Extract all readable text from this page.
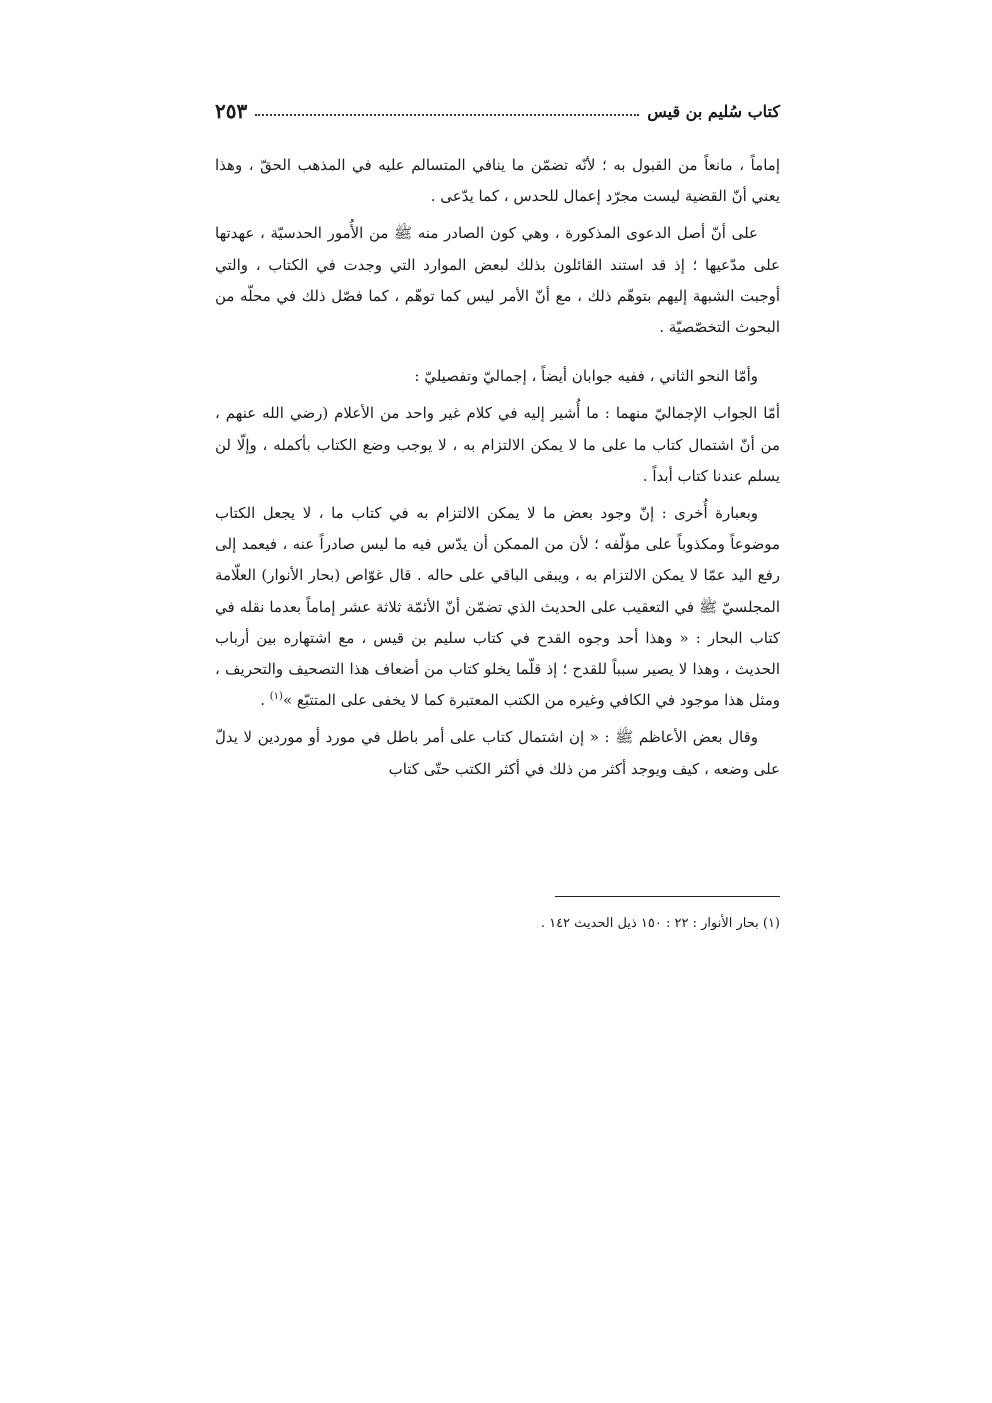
كتاب سُليم بن قيس
٢٥٣

إماماً ، مانعاً من القبول به ؛ لأنّه تضمّن ما ينافي المتسالم عليه في المذهب الحقّ ، وهذا يعني أنّ القضية ليست مجرّد إعمال للحدس ، كما يدّعى .

على أنّ أصل الدعوى المذكورة ، وهي كون الصادر منه ﷺ من الأُمور الحدسيّة ، عهدتها على مدّعيها ؛ إذ قد استند القائلون بذلك لبعض الموارد التي وجدت في الكتاب ، والتي أوجبت الشبهة إليهم بتوهّم ذلك ، مع أنّ الأمر ليس كما توهّم ، كما فصّل ذلك في محلّه من البحوث التخصّصيّة .

وأمّا النحو الثاني ، ففيه جوابان أيضاً ، إجماليّ وتفصيليّ :

أمّا الجواب الإجماليّ منهما : ما أُشير إليه في كلام غير واحد من الأعلام (رضي الله عنهم ، من أنّ اشتمال كتاب ما على ما لا يمكن الالتزام به ، لا يوجب وضع الكتاب بأكمله ، وإلّا لن يسلم عندنا كتاب أبداً .

وبعبارة أُخرى : إنّ وجود بعض ما لا يمكن الالتزام به في كتاب ما ، لا يجعل الكتاب موضوعاً ومكذوباً على مؤلّفه ؛ لأن من الممكن أن يدّس فيه ما ليس صادراً عنه ، فيعمد إلى رفع اليد عمّا لا يمكن الالتزام به ، ويبقى الباقي على حاله . قال غوّاص (بحار الأنوار) العلّامة المجلسيّ ﷺ في التعقيب على الحديث الذي تضمّن أنّ الأئمّة ثلاثة عشر إماماً بعدما نقله في كتاب البحار : « وهذا أحد وجوه القدح في كتاب سليم بن قيس ، مع اشتهاره بين أرباب الحديث ، وهذا لا يصير سبباً للقدح ؛ إذ قلّما يخلو كتاب من أضعاف هذا التصحيف والتحريف ، ومثل هذا موجود في الكافي وغيره من الكتب المعتبرة كما لا يخفى على المتتبّع »$^{(١)}$ .

وقال بعض الأعاظم ﷺ : « إن اشتمال كتاب على أمر باطل في مورد أو موردين لا يدلّ على وضعه ، كيف ويوجد أكثر من ذلك في أكثر الكتب حتّى كتاب

(١) بحار الأنوار : ٢٢ : ١٥٠ ذيل الحديث ١٤٢ .
